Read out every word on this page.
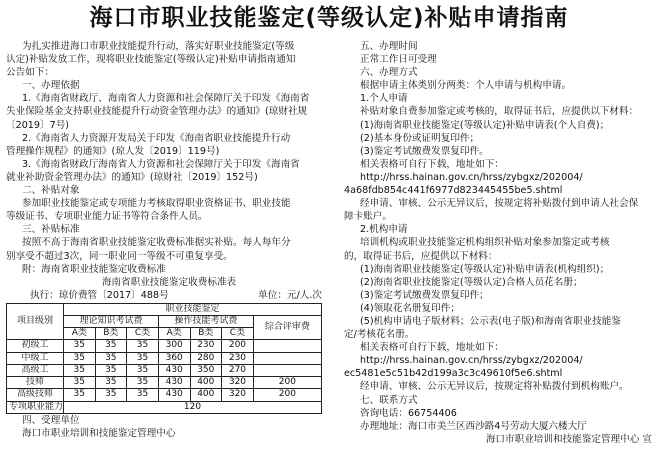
海口市职业技能鉴定(等级认定)补贴申请指南
为扎实推进海口市职业技能提升行动，落实好职业技能鉴定(等级
认定)补贴发放工作，现将职业技能鉴定(等级认定)补贴申请指南通知
公告如下：
一、办理依据
1.《海南省财政厅、海南省人力资源和社会保障厅关于印发《海南省
失业保险基金支持职业技能提升行动资金管理办法》的通知》(琼财社规
〔2019〕7号)
2.《海南省人力资源开发局关于印发《海南省职业技能提升行动
管理操作规程》的通知》(琼人发〔2019〕119号)
3.《海南省财政厅海南省人力资源和社会保障厅关于印发《海南省
就业补助资金管理办法》的通知》(琼财社〔2019〕152号)
二、补贴对象
参加职业技能鉴定或专项能力考核取得职业资格证书、职业技能
等级证书、专项职业能力证书等符合条件人员。
三、补贴标准
按照不高于海南省职业技能鉴定收费标准据实补贴。每人每年分
别享受不超过3次，同一职业同一等级不可重复享受。
附：海南省职业技能鉴定收费标准
海南省职业技能鉴定收费标准表
执行：琼价费管〔2017〕488号	单位：元/人.次
项目级别	职业技能鉴定						
	理论知识考试费			操作技能考试费			综合评审费
	A类	B类	C类	A类	B类	C类	
初级工	35	35	35	300	230	200	
中级工	35	35	35	360	280	230	
高级工	35	35	35	430	350	270	
技师	35	35	35	430	400	320	200
高级技师	35	35	35	430	400	320	200
专项职业能力	120						
四、受理单位
海口市职业培训和技能鉴定管理中心
五、办理时间
正常工作日可受理
六、办理方式
根据申请主体类别分两类：个人申请与机构申请。
1.个人申请
补贴对象自费参加鉴定或考核的，取得证书后，应提供以下材料：
(1)海南省职业技能鉴定(等级认定)补贴申请表(个人自费)；
(2)基本身份或证明复印件；
(3)鉴定考试缴费发票复印件。
相关表格可自行下载，地址如下：
http://hrss.hainan.gov.cn/hrss/zybgxz/202004/
4a68fdb854c441f6977d823445455be5.shtml
经申请、审核、公示无异议后，按规定将补贴拨付到申请人社会保
障卡账户。
2.机构申请
培训机构或职业技能鉴定机构组织补贴对象参加鉴定或考核
的，取得证书后，应提供以下材料：
(1)海南省职业技能鉴定(等级认定)补贴申请表(机构组织)；
(2)海南省职业技能鉴定(等级认定)合格人员花名册；
(3)鉴定考试缴费发票复印件；
(4)领取花名册复印件；
(5)机构申请电子版材料；公示表(电子版)和海南省职业技能鉴
定/考核花名册。
相关表格可自行下载，地址如下：
http://hrss.hainan.gov.cn/hrss/zybgxz/202004/
ec5481e5c51b42d199a3c3c49610f5e6.shtml
经申请、审核、公示无异议后，按规定将补贴拨付到机构账户。
七、联系方式
咨询电话：66754406
办理地址：海口市美兰区西沙路4号劳动大厦六楼大厅
海口市职业培训和技能鉴定管理中心 宣
